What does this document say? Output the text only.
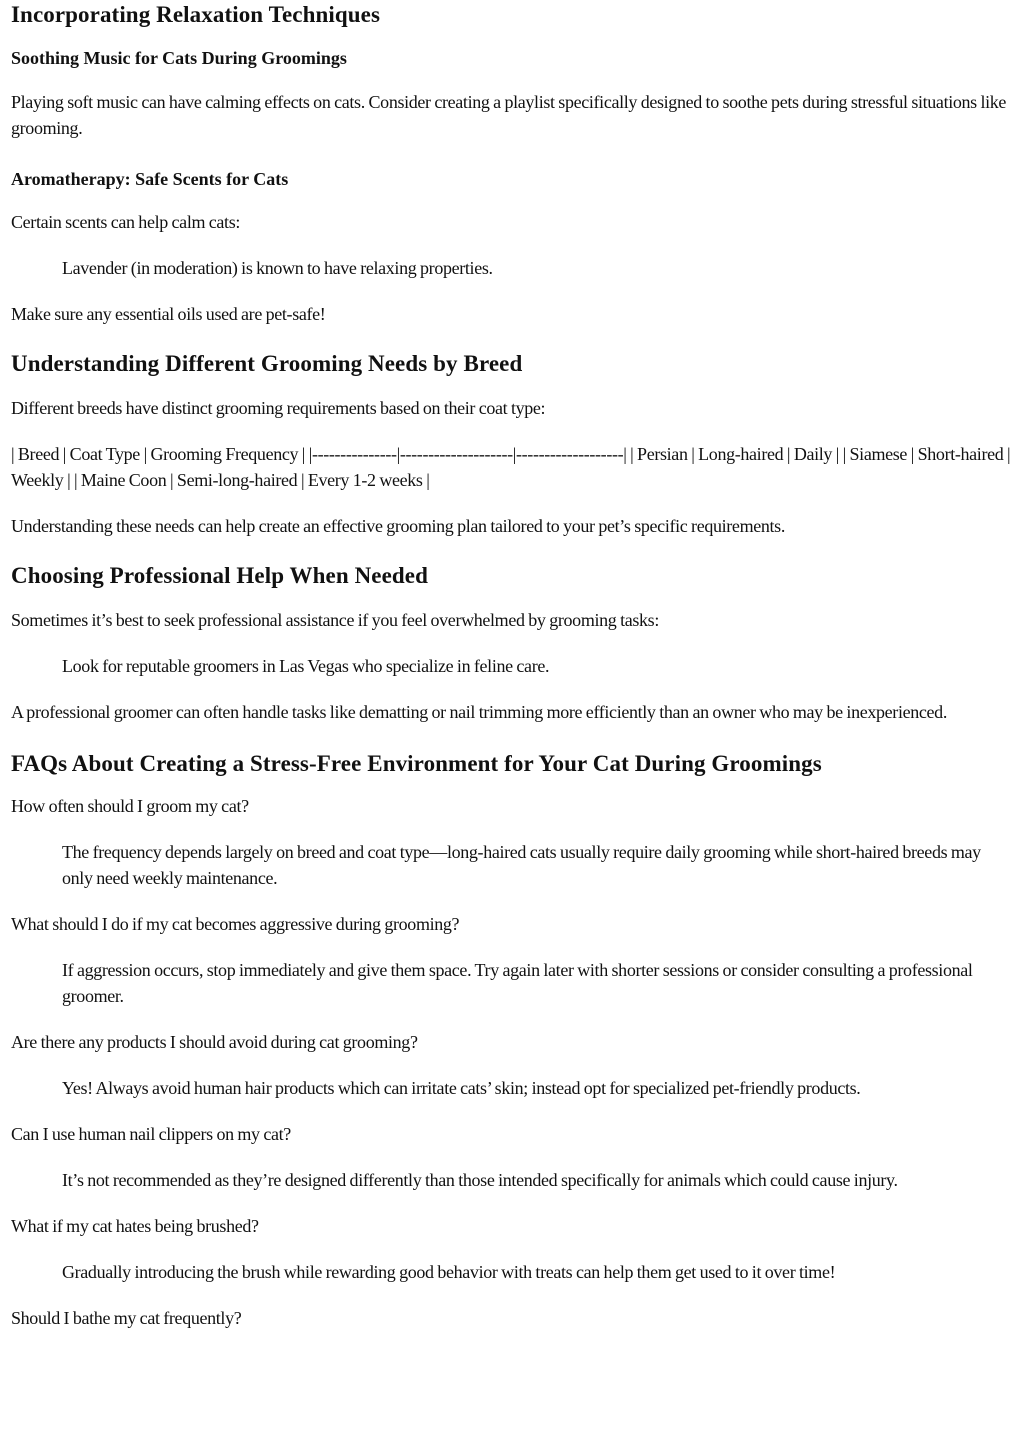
Incorporating Relaxation Techniques
Soothing Music for Cats During Groomings

Playing soft music can have calming effects on cats. Consider creating a playlist specifically designed to soothe pets during stressful situations like grooming.

Aromatherapy: Safe Scents for Cats

Certain scents can help calm cats:

Lavender (in moderation) is known to have relaxing properties.

Make sure any essential oils used are pet-safe!

Understanding Different Grooming Needs by Breed

Different breeds have distinct grooming requirements based on their coat type:

| Breed | Coat Type | Grooming Frequency | |---------------|--------------------|-------------------| | Persian | Long-haired | Daily | | Siamese | Short-haired | Weekly | | Maine Coon | Semi-long-haired | Every 1-2 weeks |

Understanding these needs can help create an effective grooming plan tailored to your pet’s specific requirements.

Choosing Professional Help When Needed

Sometimes it’s best to seek professional assistance if you feel overwhelmed by grooming tasks:

Look for reputable groomers in Las Vegas who specialize in feline care.

A professional groomer can often handle tasks like dematting or nail trimming more efficiently than an owner who may be inexperienced.

FAQs About Creating a Stress-Free Environment for Your Cat During Groomings

How often should I groom my cat?

The frequency depends largely on breed and coat type—long-haired cats usually require daily grooming while short-haired breeds may only need weekly maintenance.

What should I do if my cat becomes aggressive during grooming?

If aggression occurs, stop immediately and give them space. Try again later with shorter sessions or consider consulting a professional groomer.

Are there any products I should avoid during cat grooming?

Yes! Always avoid human hair products which can irritate cats’ skin; instead opt for specialized pet-friendly products.

Can I use human nail clippers on my cat?

It’s not recommended as they’re designed differently than those intended specifically for animals which could cause injury.

What if my cat hates being brushed?

Gradually introducing the brush while rewarding good behavior with treats can help them get used to it over time!

Should I bathe my cat frequently?
